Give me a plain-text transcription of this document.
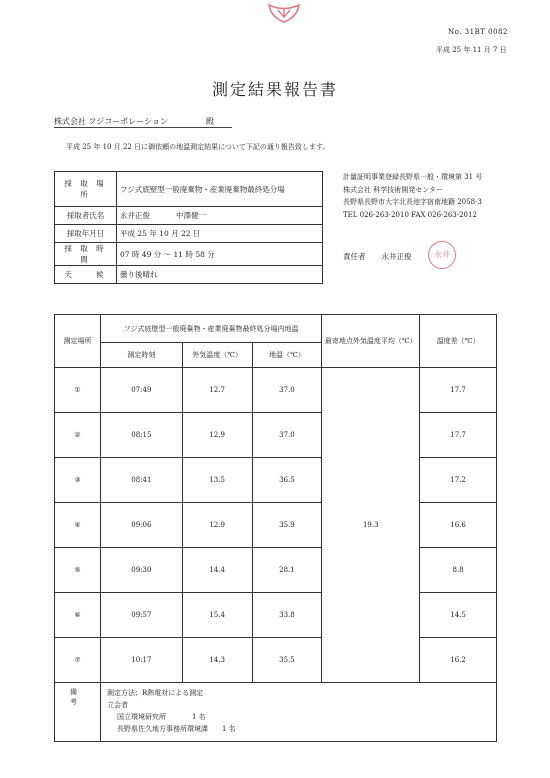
No. 31BT 0082
平成 25 年 11 月 7 日
測定結果報告書
株式会社 フジコーポレーション	殿
平成 25 年 10 月 22 日に御依頼の地温測定結果について下記の通り報告致します。
採 取 場 所	フジ式底壁型一般廃棄物・産業廃棄物最終処分場
採取者氏名	永井正俊 中澤健一
採取年月日	平成 25 年 10 月 22 日
採 取 時 間	07 時 49 分 ～ 11 時 58 分
天　　候	曇り後晴れ
計量証明事業登録長野県一般・環境第 31 号
株式会社 科学技術開発センター
長野県長野市大字北長池字宿南地籍 2058-3
TEL 026-263-2010 FAX 026-263-2012
責任者 永井正俊	永井
測定場所	フジ式底壁型一般廃棄物・産業廃棄物最終処分場内地温			最寄地点外気温度平均（℃）	温度差（℃）
	測定時刻	外気温度（℃）	地温（℃）		
①	07:49	12.7	37.0	19.3	17.7
②	08:15	12.9	37.0		17.7
③	08:41	13.5	36.5		17.2
④	09:06	12.9	35.9		16.6
⑤	09:30	14.4	28.1		8.8
⑥	09:57	15.4	33.8		14.5
⑦	10:17	14.3	35.5		16.2
備　考	測定方法；R熱電対による測定
立会者
国立環境研究所 1 名
長野県佐久地方事務所環境課 1 名				
